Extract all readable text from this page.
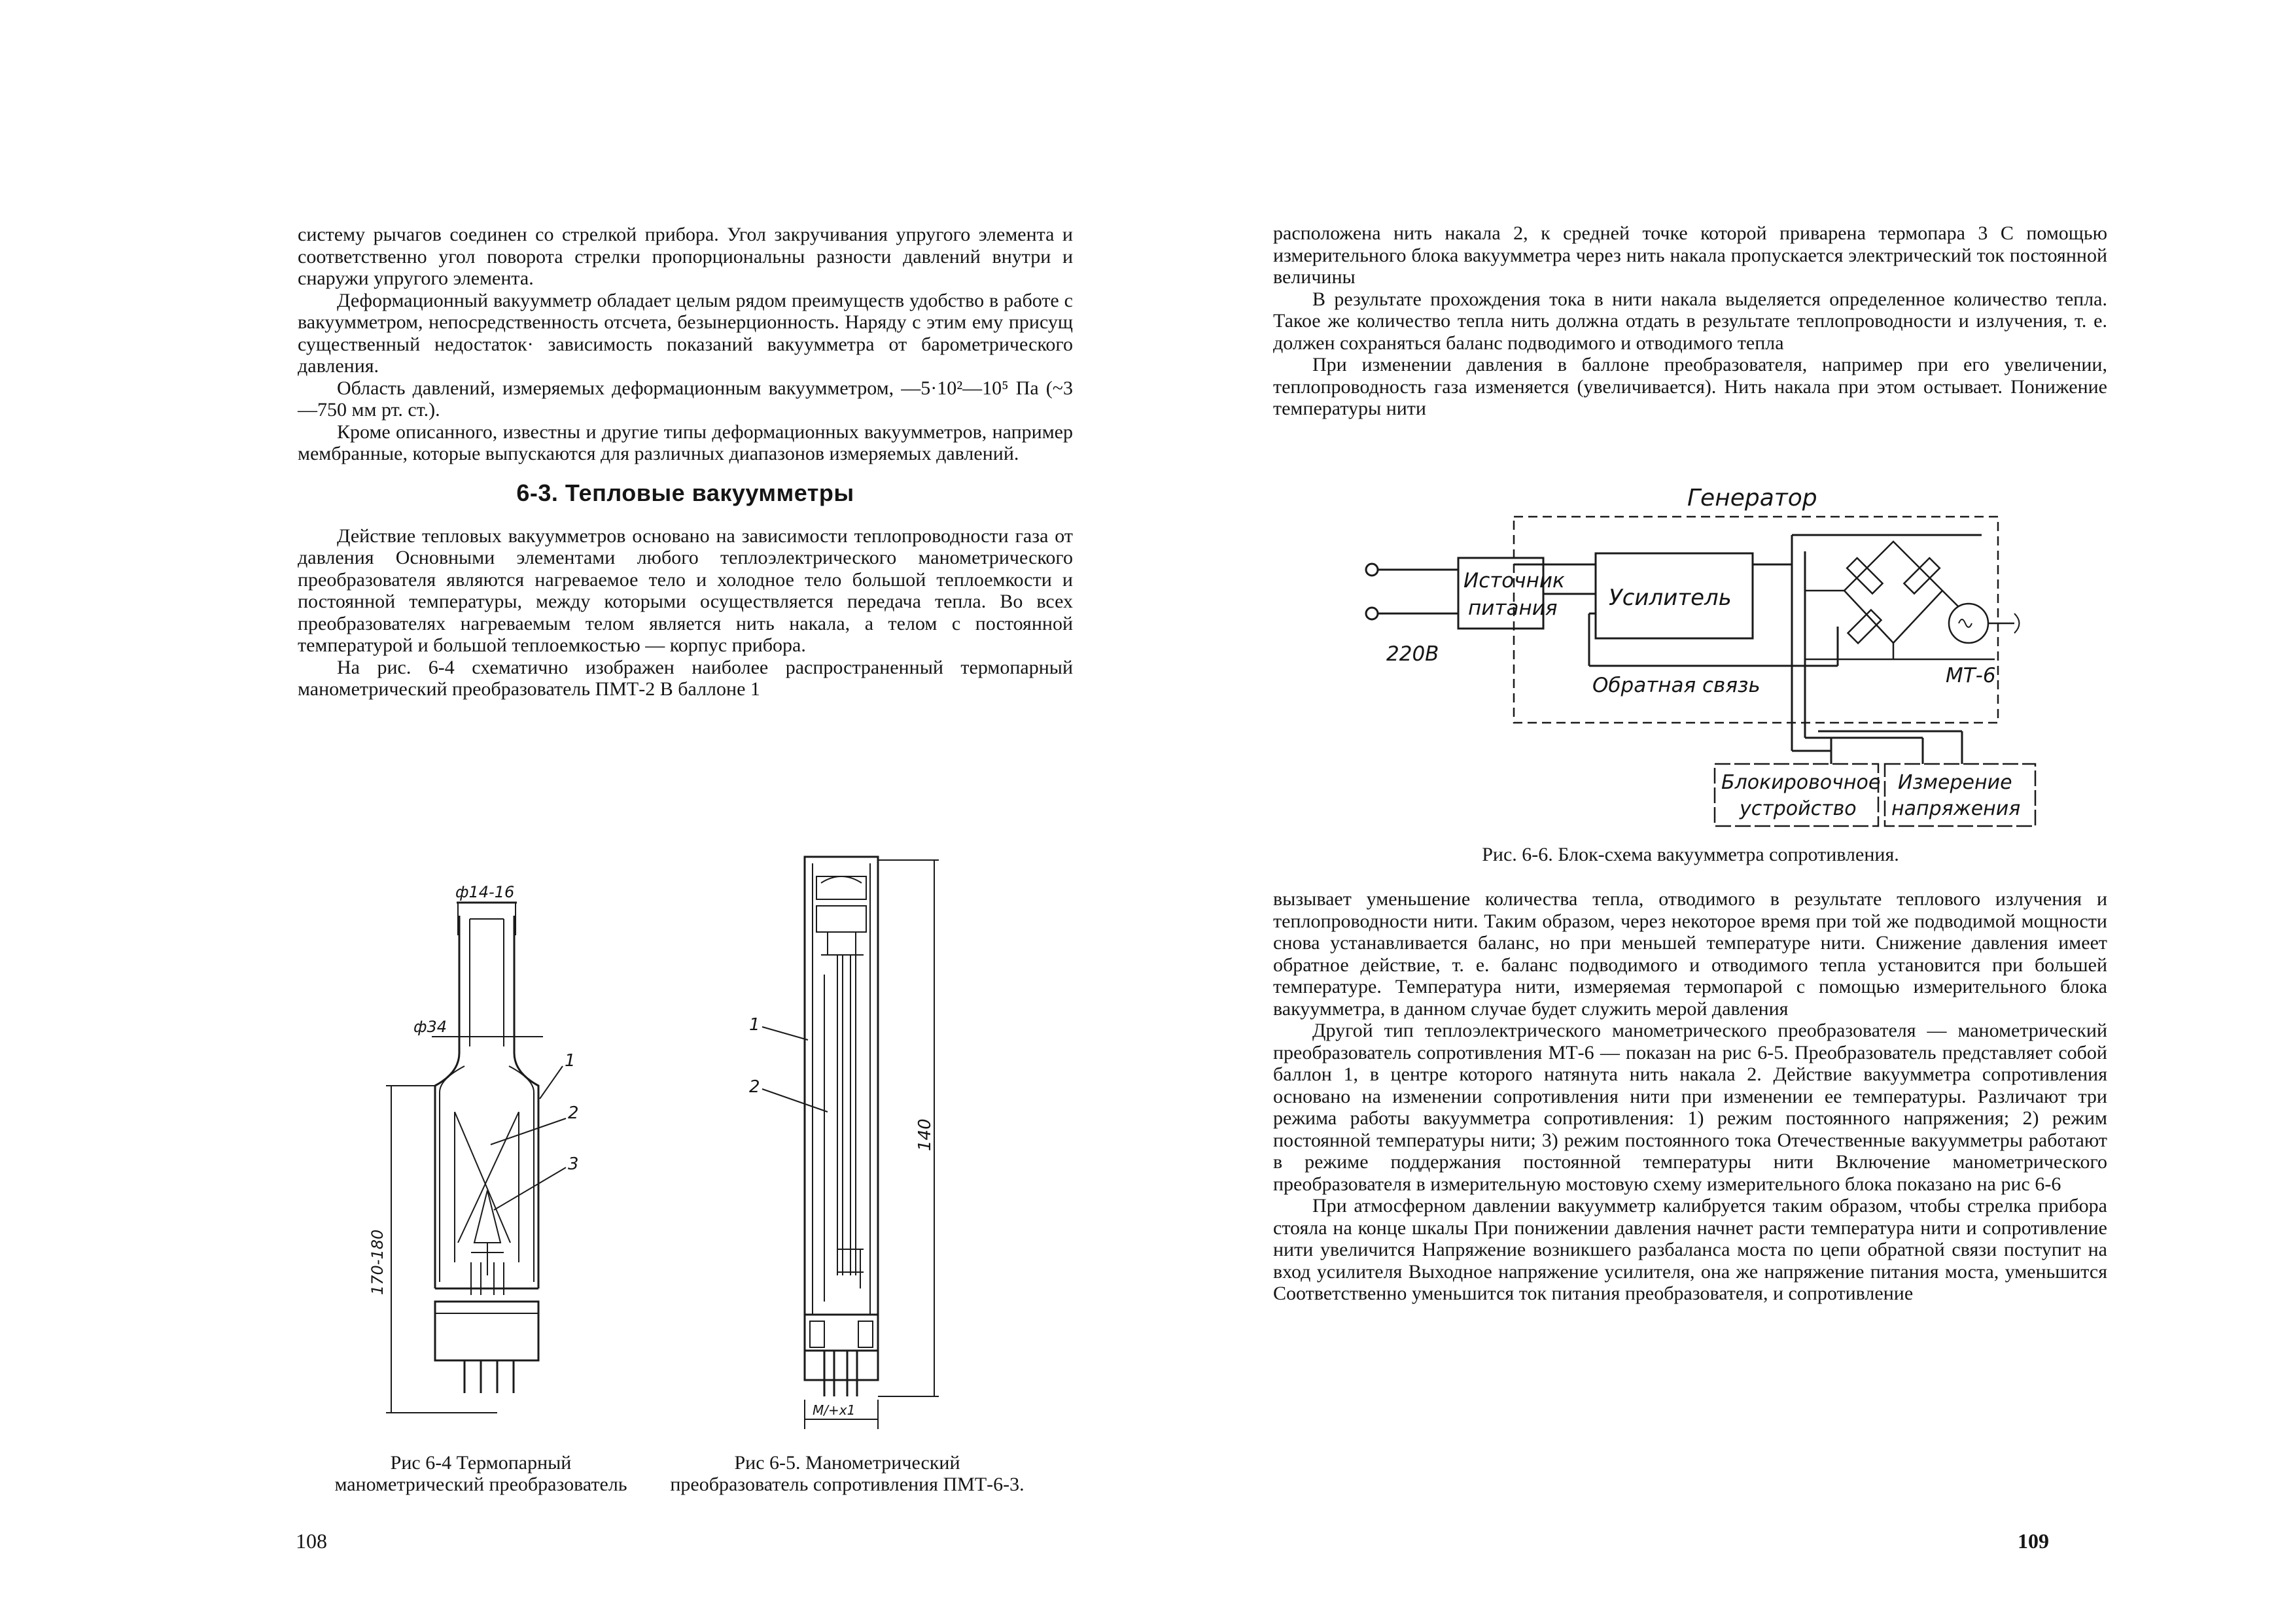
системy рычагов соединен со стрелкой прибора. Угол закручивания упругого элемента и соответственно угол поворота стрелки пропорциональны разности давлений внутри и снаружи упругого элемента.

Деформационный вакуумметр обладает целым рядом преимуществ удобство в работе с вакуумметром, непосредственность отсчета, безынерционность. Наряду с этим ему присущ существенный недостаток· зависимость показаний вакуумметра от барометрического давления.

Область давлений, измеряемых деформационным вакуумметром, —5·10²—10⁵ Па (~3—750 мм рт. ст.).

Кроме описанного, известны и другие типы деформационных вакуумметров, например мембранные, которые выпускаются для различных диапазонов измеряемых давлений.

6-3. Тепловые вакуумметры

Действие тепловых вакуумметров основано на зависимости теплопроводности газа от давления Основными элементами любого теплоэлектрического манометрического преобразователя являются нагреваемое тело и холодное тело большой теплоемкости и постоянной температуры, между которыми осуществляется передача тепла. Во всех преобразователях нагреваемым телом является нить накала, а телом с постоянной температурой и большой теплоемкостью — корпус прибора.

На рис. 6-4 схематично изображен наиболее распространенный термопарный манометрический преобразователь ПМТ-2 В баллоне 1

ф14-16
ф34
170-180
1
2
3
Рис 6-4 Термопарный манометрический преобразователь
1
2
140
М/+х1
Рис 6-5. Манометрический преобразователь сопротивления ПМТ-6-3.
108

расположена нить накала 2, к средней точке которой приварена термопара 3 С помощью измерительного блока вакуумметра через нить накала пропускается электрический ток постоянной величины

В результате прохождения тока в нити накала выделяется определенное количество тепла. Такое же количество тепла нить должна отдать в результате теплопроводности и излучения, т. е. должен сохраняться баланс подводимого и отводимого тепла

При изменении давления в баллоне преобразователя, например при его увеличении, теплопроводность газа изменяется (увеличивается). Нить накала при этом остывает. Понижение температуры нити

Генератор
Источник
питания Усилитель
220В
Обратная связь	МТ-6
Блокировочное
устройство
Измерение
напряжения
Рис. 6-6. Блок-схема вакуумметра сопротивления.

вызывает уменьшение количества тепла, отводимого в результате теплового излучения и теплопроводности нити. Таким образом, через некоторое время при той же подводимой мощности снова устанавливается баланс, но при меньшей температуре нити. Снижение давления имеет обратное действие, т. е. баланс подводимого и отводимого тепла установится при большей температуре. Температура нити, измеряемая термопарой с помощью измерительного блока вакуумметра, в данном случае будет служить мерой давления

Другой тип теплоэлектрического манометрического преобразователя — манометрический преобразователь сопротивления МТ-6 — показан на рис 6-5. Преобразователь представляет собой баллон 1, в центре которого натянута нить накала 2. Действие вакуумметра сопротивления основано на изменении сопротивления нити при изменении ее температуры. Различают три режима работы вакуумметра сопротивления: 1) режим постоянного напряжения; 2) режим постоянной температуры нити; 3) режим постоянного тока Отечественные вакуумметры работают в режиме поддержания постоянной температуры нити Включение манометрического преобразователя в измерительную мостовую схему измерительного блока показано на рис 6-6

При атмосферном давлении вакуумметр калибруется таким образом, чтобы стрелка прибора стояла на конце шкалы При понижении давления начнет расти температура нити и сопротивление нити увеличится Напряжение возникшего разбаланса моста по цепи обратной связи поступит на вход усилителя Выходное напряжение усилителя, она же напряжение питания моста, уменьшится Соответственно уменьшится ток питания преобразователя, и сопротивление

109
